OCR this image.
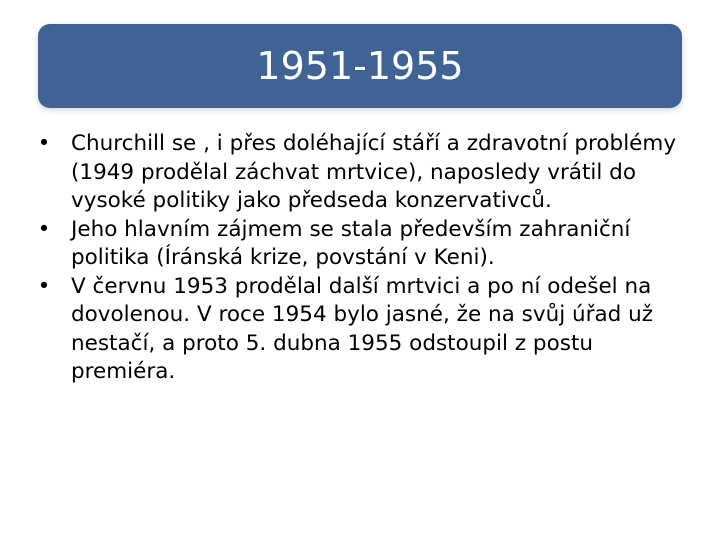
1951-1955
• Churchill se , i přes doléhající stáří a zdravotní problémy (1949 prodělal záchvat mrtvice), naposledy vrátil do vysoké politiky jako předseda konzervativců.
• Jeho hlavním zájmem se stala především zahraniční politika (Íránská krize, povstání v Keni).
• V červnu 1953 prodělal další mrtvici a po ní odešel na dovolenou. V roce 1954 bylo jasné, že na svůj úřad už nestačí, a proto 5. dubna 1955 odstoupil z postu premiéra.
